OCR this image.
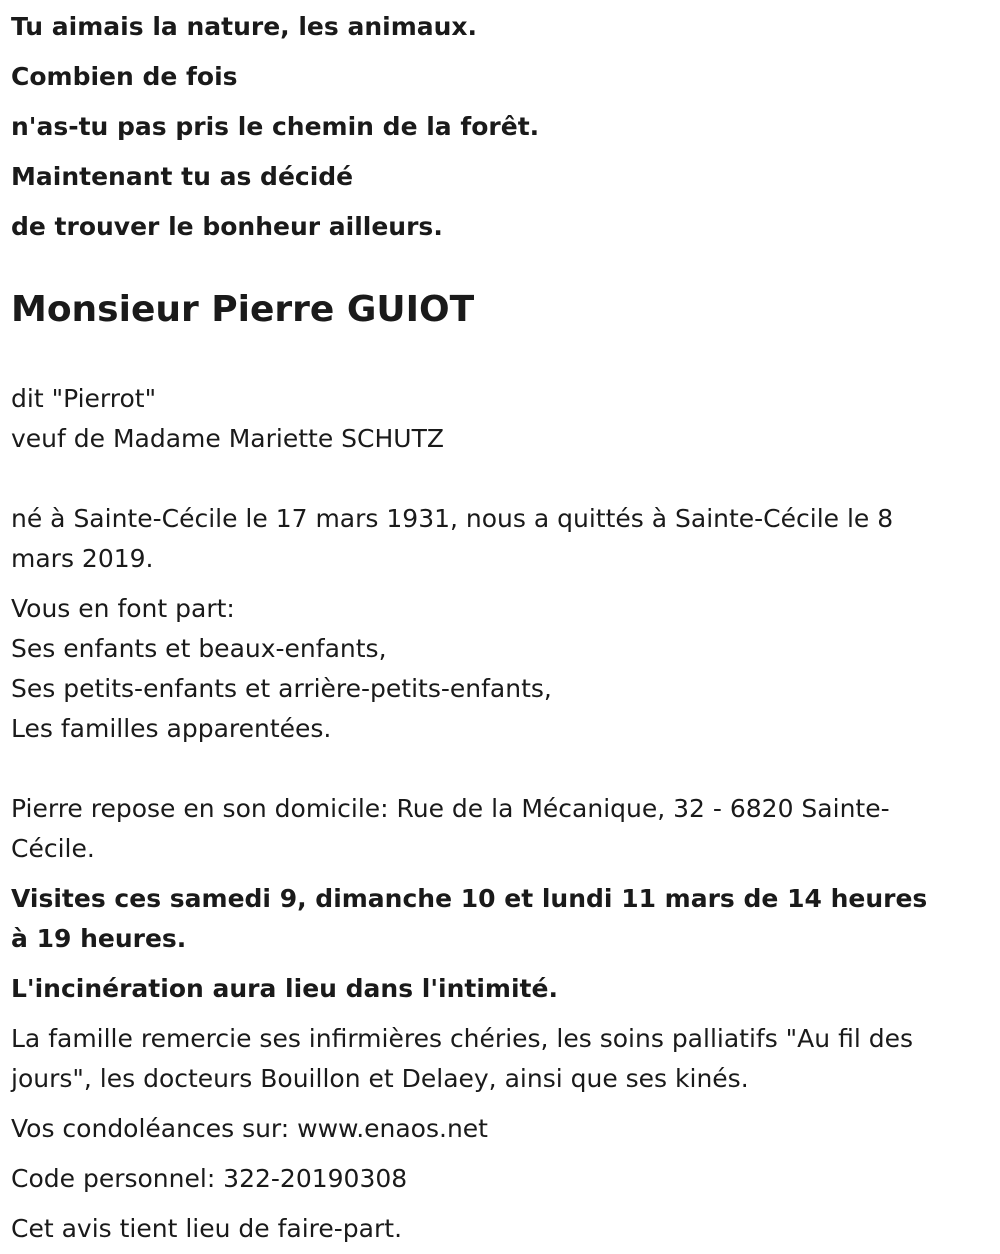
Tu aimais la nature, les animaux.
Combien de fois
n'as-tu pas pris le chemin de la forêt.
Maintenant tu as décidé
de trouver le bonheur ailleurs.
Monsieur Pierre GUIOT
dit "Pierrot"
veuf de Madame Mariette SCHUTZ
né à Sainte-Cécile le 17 mars 1931, nous a quittés à Sainte-Cécile le 8 mars 2019.
Vous en font part:
Ses enfants et beaux-enfants,
Ses petits-enfants et arrière-petits-enfants,
Les familles apparentées.
Pierre repose en son domicile: Rue de la Mécanique, 32 - 6820 Sainte-Cécile.
Visites ces samedi 9, dimanche 10 et lundi 11 mars de 14 heures à 19 heures.
L'incinération aura lieu dans l'intimité.
La famille remercie ses infirmières chéries, les soins palliatifs "Au fil des jours", les docteurs Bouillon et Delaey, ainsi que ses kinés.
Vos condoléances sur: www.enaos.net
Code personnel: 322-20190308
Cet avis tient lieu de faire-part.
